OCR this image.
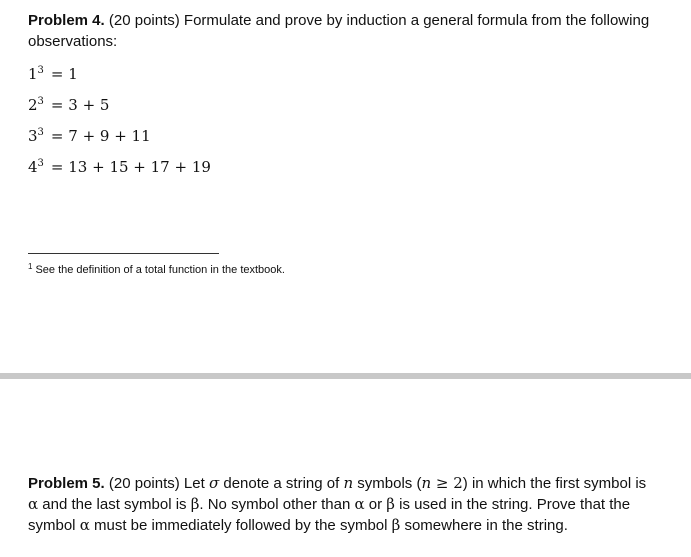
Problem 4. (20 points) Formulate and prove by induction a general formula from the following observations:
$1^3 = 1$
$2^3 = 3 + 5$
$3^3 = 7 + 9 + 11$
$4^3 = 13 + 15 + 17 + 19$
$^1$ See the definition of a total function in the textbook.
Problem 5. (20 points) Let σ denote a string of n symbols (n ≥ 2) in which the first symbol is α and the last symbol is β. No symbol other than α or β is used in the string. Prove that the symbol α must be immediately followed by the symbol β somewhere in the string.
